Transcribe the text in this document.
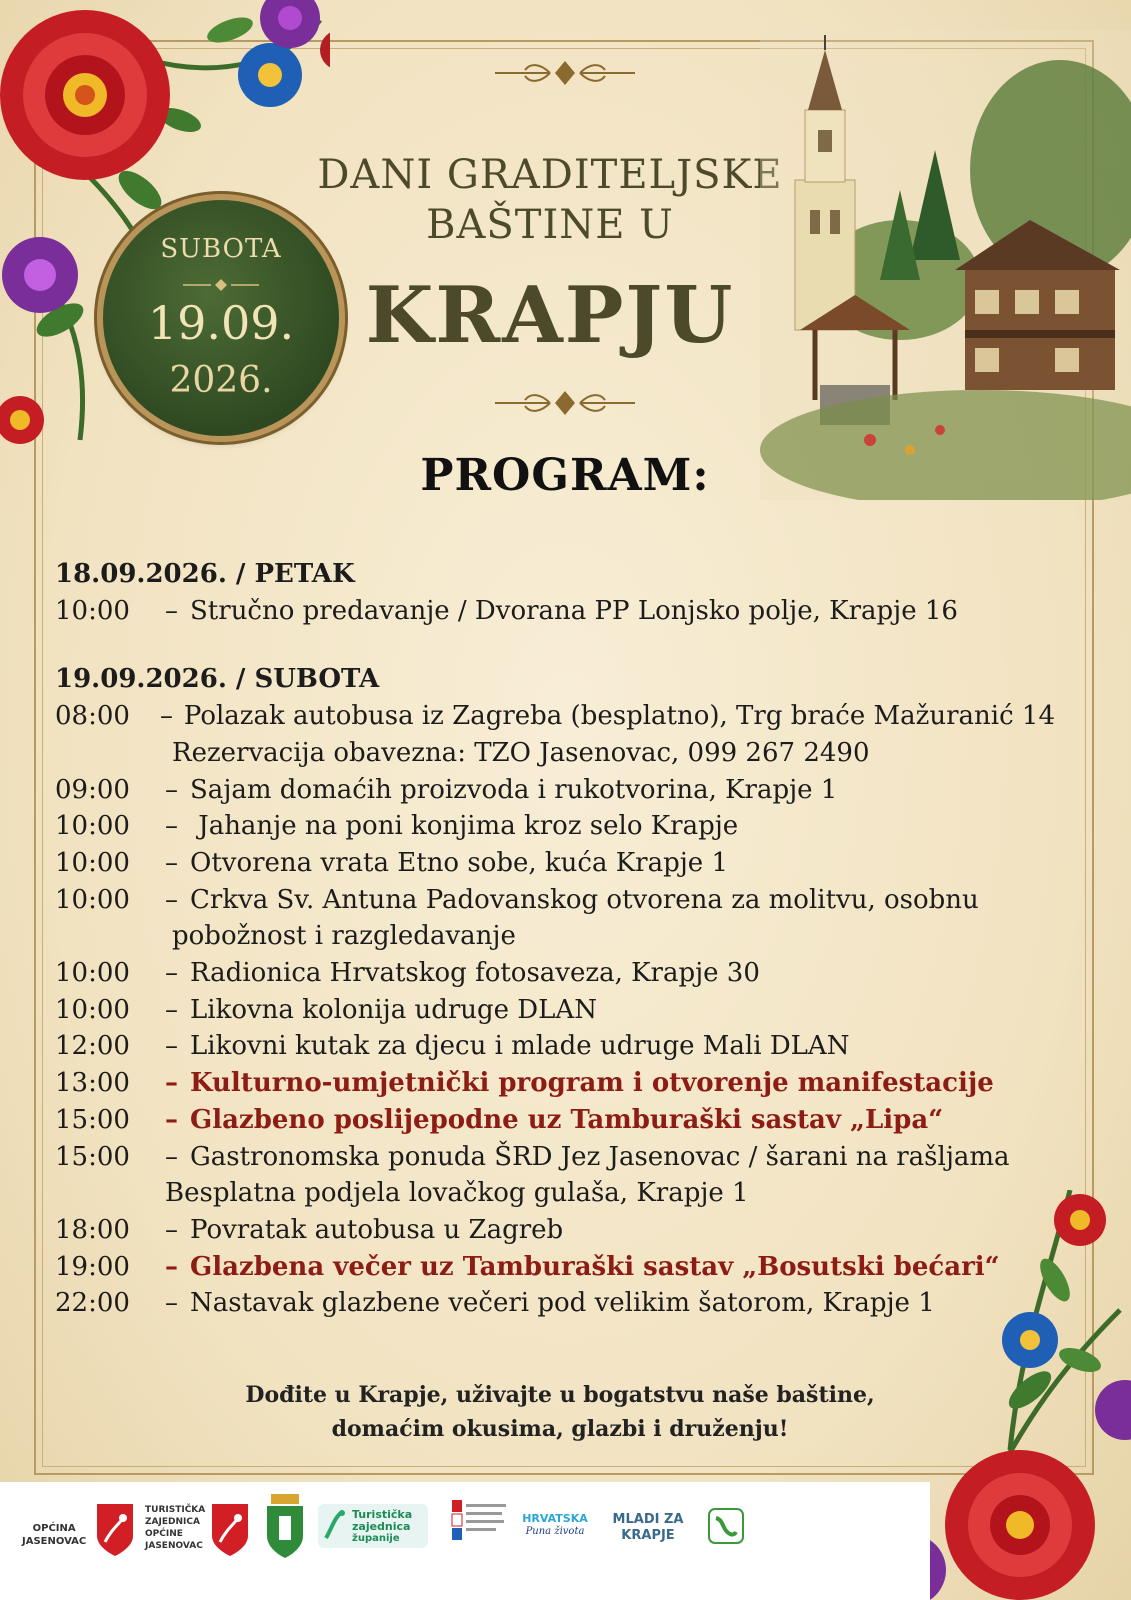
DANI GRADITELJSKE
BAŠTINE U
KRAPJU
SUBOTA
19.09.
2026.
PROGRAM:
18.09.2026. / PETAK
10:00	– Stručno predavanje / Dvorana PP Lonjsko polje, Krapje 16
19.09.2026. / SUBOTA
08:00	– Polazak autobusa iz Zagreba (besplatno), Trg braće Mažuranić 14
Rezervacija obavezna: TZO Jasenovac, 099 267 2490
09:00	– Sajam domaćih proizvoda i rukotvorina, Krapje 1
10:00	– Jahanje na poni konjima kroz selo Krapje
10:00	– Otvorena vrata Etno sobe, kuća Krapje 1
10:00	– Crkva Sv. Antuna Padovanskog otvorena za molitvu, osobnu
pobožnost i razgledavanje
10:00	– Radionica Hrvatskog fotosaveza, Krapje 30
10:00	– Likovna kolonija udruge DLAN
12:00	– Likovni kutak za djecu i mlade udruge Mali DLAN
13:00	– Kulturno-umjetnički program i otvorenje manifestacije
15:00	– Glazbeno poslijepodne uz Tamburaški sastav „Lipa“
15:00	– Gastronomska ponuda ŠRD Jez Jasenovac / šarani na rašljama
Besplatna podjela lovačkog gulaša, Krapje 1
18:00	– Povratak autobusa u Zagreb
19:00	– Glazbena večer uz Tamburaški sastav „Bosutski bećari“
22:00	– Nastavak glazbene večeri pod velikim šatorom, Krapje 1
Dođite u Krapje, uživajte u bogatstvu naše baštine,
domaćim okusima, glazbi i druženju!
OPĆINA
JASENOVAC
TURISTIČKA
ZAJEDNICA
OPĆINE
JASENOVAC
Turistička
zajednica
županije
HRVATSKA
Puna života
MLADI ZA
KRAPJE
